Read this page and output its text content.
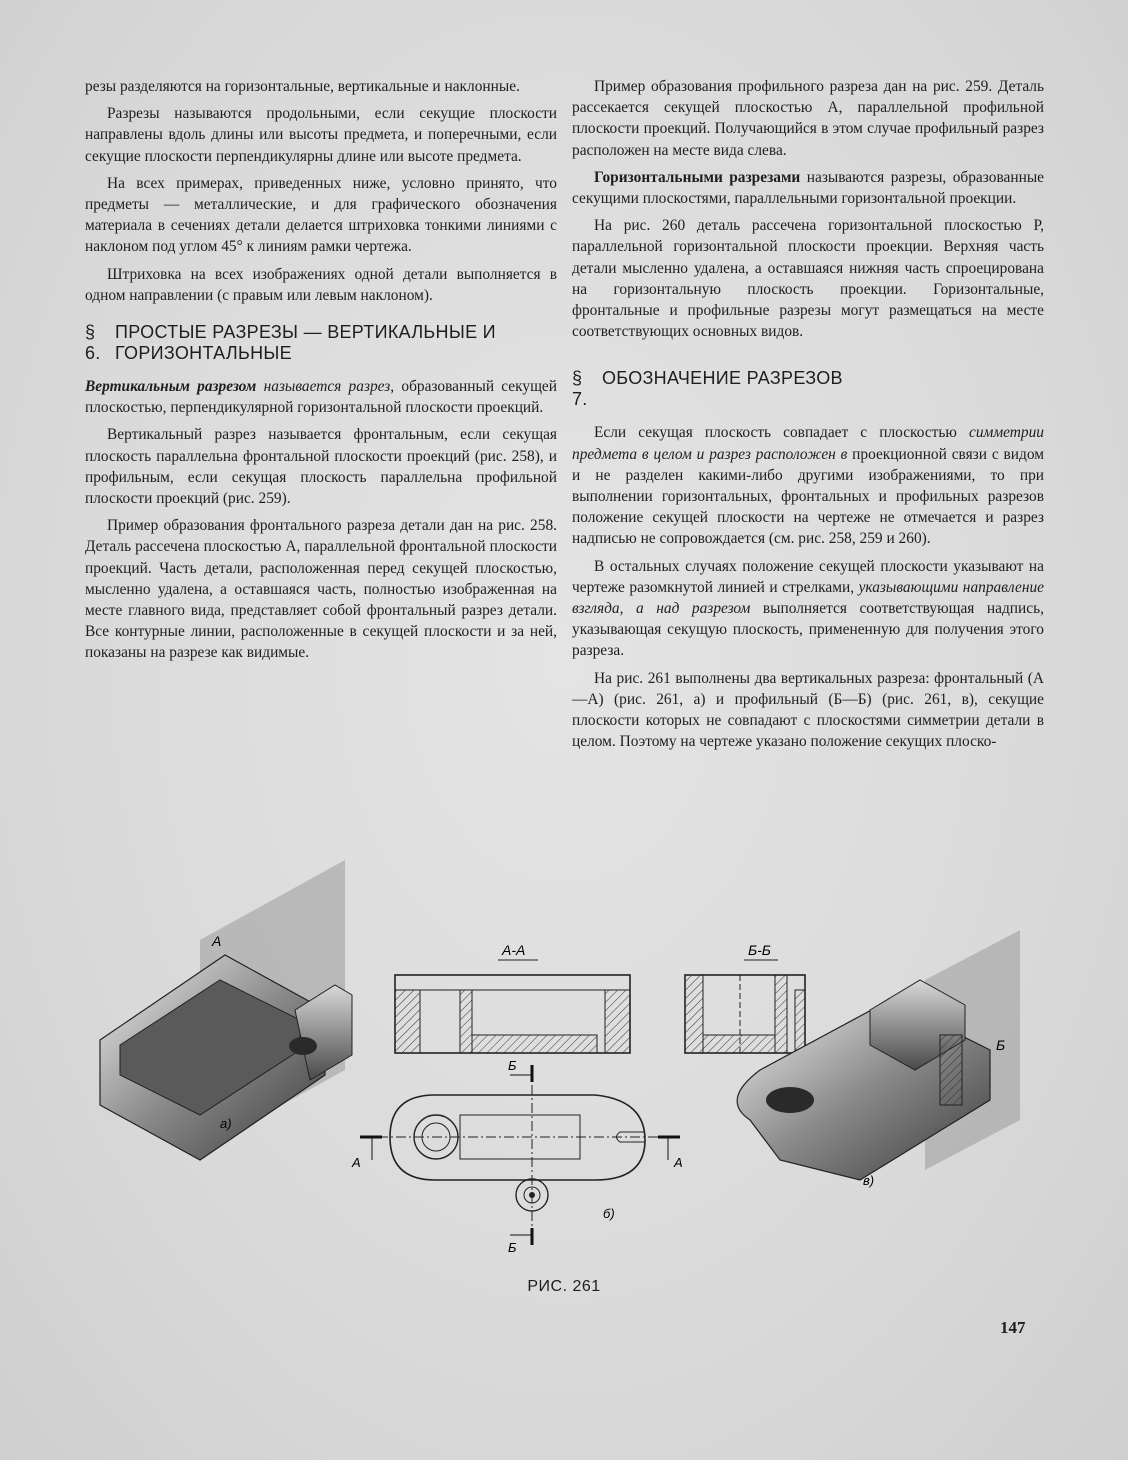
резы разделяются на горизонтальные, вертикальные и наклонные.

Разрезы называются продольными, если секущие плоскости направлены вдоль длины или высоты предмета, и поперечными, если секущие плоскости перпендикулярны длине или высоте предмета.

На всех примерах, приведенных ниже, условно принято, что предметы — металлические, и для графического обозначения материала в сечениях детали делается штриховка тонкими линиями с наклоном под углом 45° к линиям рамки чертежа.

Штриховка на всех изображениях одной детали выполняется в одном направлении (с правым или левым наклоном).

§ 6.ПРОСТЫЕ РАЗРЕЗЫ — ВЕРТИКАЛЬНЫЕ И ГОРИЗОНТАЛЬНЫЕ

Вертикальным разрезом называется разрез, образованный секущей плоскостью, перпендикулярной горизонтальной плоскости проекций.

Вертикальный разрез называется фронтальным, если секущая плоскость параллельна фронтальной плоскости проекций (рис. 258), и профильным, если секущая плоскость параллельна профильной плоскости проекций (рис. 259).

Пример образования фронтального разреза детали дан на рис. 258. Деталь рассечена плоскостью А, параллельной фронтальной плоскости проекций. Часть детали, расположенная перед секущей плоскостью, мысленно удалена, а оставшаяся часть, полностью изображенная на месте главного вида, представляет собой фронтальный разрез детали. Все контурные линии, расположенные в секущей плоскости и за ней, показаны на разрезе как видимые.

Пример образования профильного разреза дан на рис. 259. Деталь рассекается секущей плоскостью А, параллельной профильной плоскости проекций. Получающийся в этом случае профильный разрез расположен на месте вида слева.

Горизонтальными разрезами называются разрезы, образованные секущими плоскостями, параллельными горизонтальной проекции.

На рис. 260 деталь рассечена горизонтальной плоскостью Р, параллельной горизонтальной плоскости проекции. Верхняя часть детали мысленно удалена, а оставшаяся нижняя часть спроецирована на горизонтальную плоскость проекции. Горизонтальные, фронтальные и профильные разрезы могут размещаться на месте соответствующих основных видов.

§ 7.ОБОЗНАЧЕНИЕ РАЗРЕЗОВ

Если секущая плоскость совпадает с плоскостью симметрии предмета в целом и разрез расположен в проекционной связи с видом и не разделен какими-либо другими изображениями, то при выполнении горизонтальных, фронтальных и профильных разрезов положение секущей плоскости на чертеже не отмечается и разрез надписью не сопровождается (см. рис. 258, 259 и 260).

В остальных случаях положение секущей плоскости указывают на чертеже разомкнутой линией и стрелками, указывающими направление взгляда, а над разрезом выполняется соответствующая надпись, указывающая секущую плоскость, примененную для получения этого разреза.

На рис. 261 выполнены два вертикальных разреза: фронтальный (А—А) (рис. 261, а) и профильный (Б—Б) (рис. 261, в), секущие плоскости которых не совпадают с плоскостями симметрии детали в целом. Поэтому на чертеже указано положение секущих плоско-

А
а)
А-А	Б-Б
А	А
Б
Б
б)
Б
в)
РИС. 261
147
